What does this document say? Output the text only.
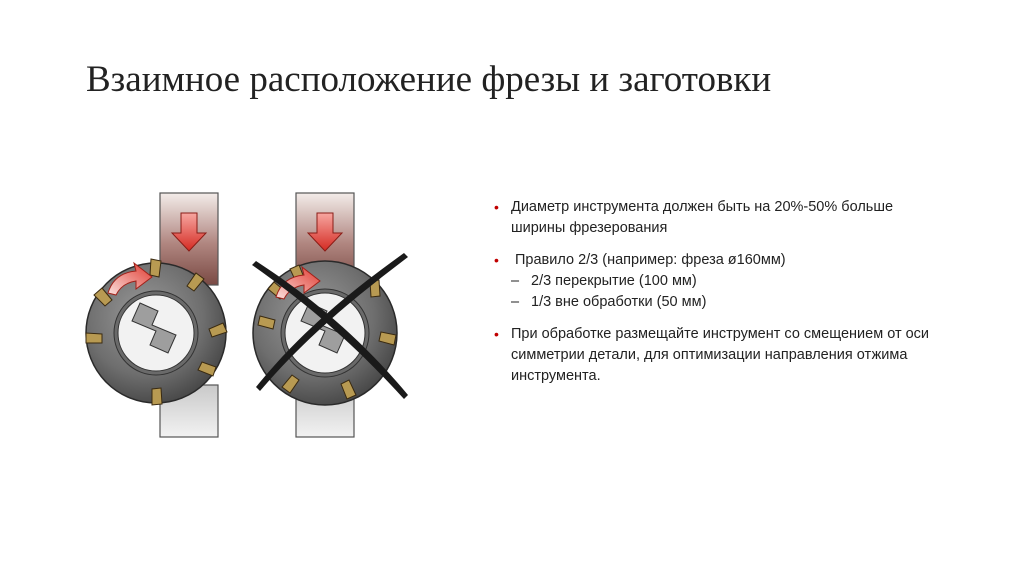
Взаимное расположение фрезы и заготовки
• Диаметр инструмента должен быть на 20%-50% больше ширины фрезерования
• Правило 2/3 (например: фреза ø160мм)
– 2/3 перекрытие (100 мм)
– 1/3 вне обработки (50 мм)
• При обработке размещайте инструмент со смещением от оси симметрии детали, для оптимизации направления отжима инструмента.
